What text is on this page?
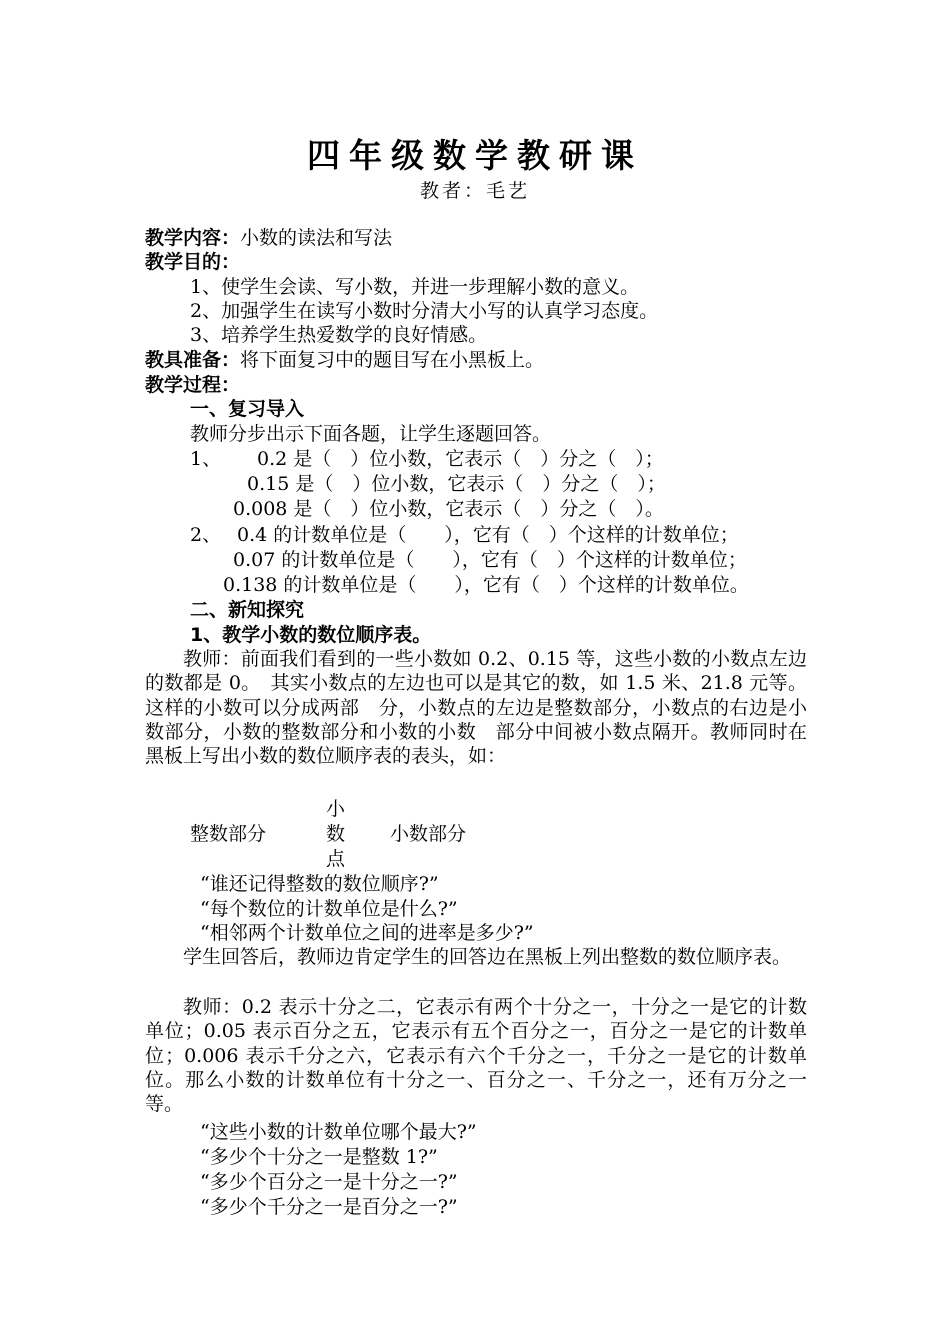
四年级数学教研课
教者：毛艺
教学内容：小数的读法和写法
教学目的：
1、使学生会读、写小数，并进一步理解小数的意义。
2、加强学生在读写小数时分清大小写的认真学习态度。
3、培养学生热爱数学的良好情感。
教具准备：将下面复习中的题目写在小黑板上。
教学过程：
一、复习导入
教师分步出示下面各题，让学生逐题回答。
1、 0.2 是（　）位小数，它表示（　）分之（　）；
0.15 是（　）位小数，它表示（　）分之（　）；
0.008 是（　）位小数，它表示（　）分之（　）。
2、 0.4 的计数单位是（　　），它有（　）个这样的计数单位；
0.07 的计数单位是（　　），它有（　）个这样的计数单位；
0.138 的计数单位是（　　），它有（　）个这样的计数单位。
二、新知探究
1、教学小数的数位顺序表。
教师：前面我们看到的一些小数如 0.2、0.15 等，这些小数的小数点左边的数都是 0。　其实小数点的左边也可以是其它的数，如 1.5 米、21.8 元等。这样的小数可以分成两部　分，小数点的左边是整数部分，小数点的右边是小数部分，小数的整数部分和小数的小数　部分中间被小数点隔开。教师同时在黑板上写出小数的数位顺序表的表头，如：
整数部分
小
数
点
小数部分
“谁还记得整数的数位顺序?”
“每个数位的计数单位是什么?”
“相邻两个计数单位之间的进率是多少?”
学生回答后，教师边肯定学生的回答边在黑板上列出整数的数位顺序表。
教师：0.2 表示十分之二，它表示有两个十分之一，十分之一是它的计数单位；0.05 表示百分之五，它表示有五个百分之一，百分之一是它的计数单位；0.006 表示千分之六，它表示有六个千分之一，千分之一是它的计数单位。那么小数的计数单位有十分之一、百分之一、千分之一，还有万分之一等。
“这些小数的计数单位哪个最大?”
“多少个十分之一是整数 1?”
“多少个百分之一是十分之一?”
“多少个千分之一是百分之一?”
